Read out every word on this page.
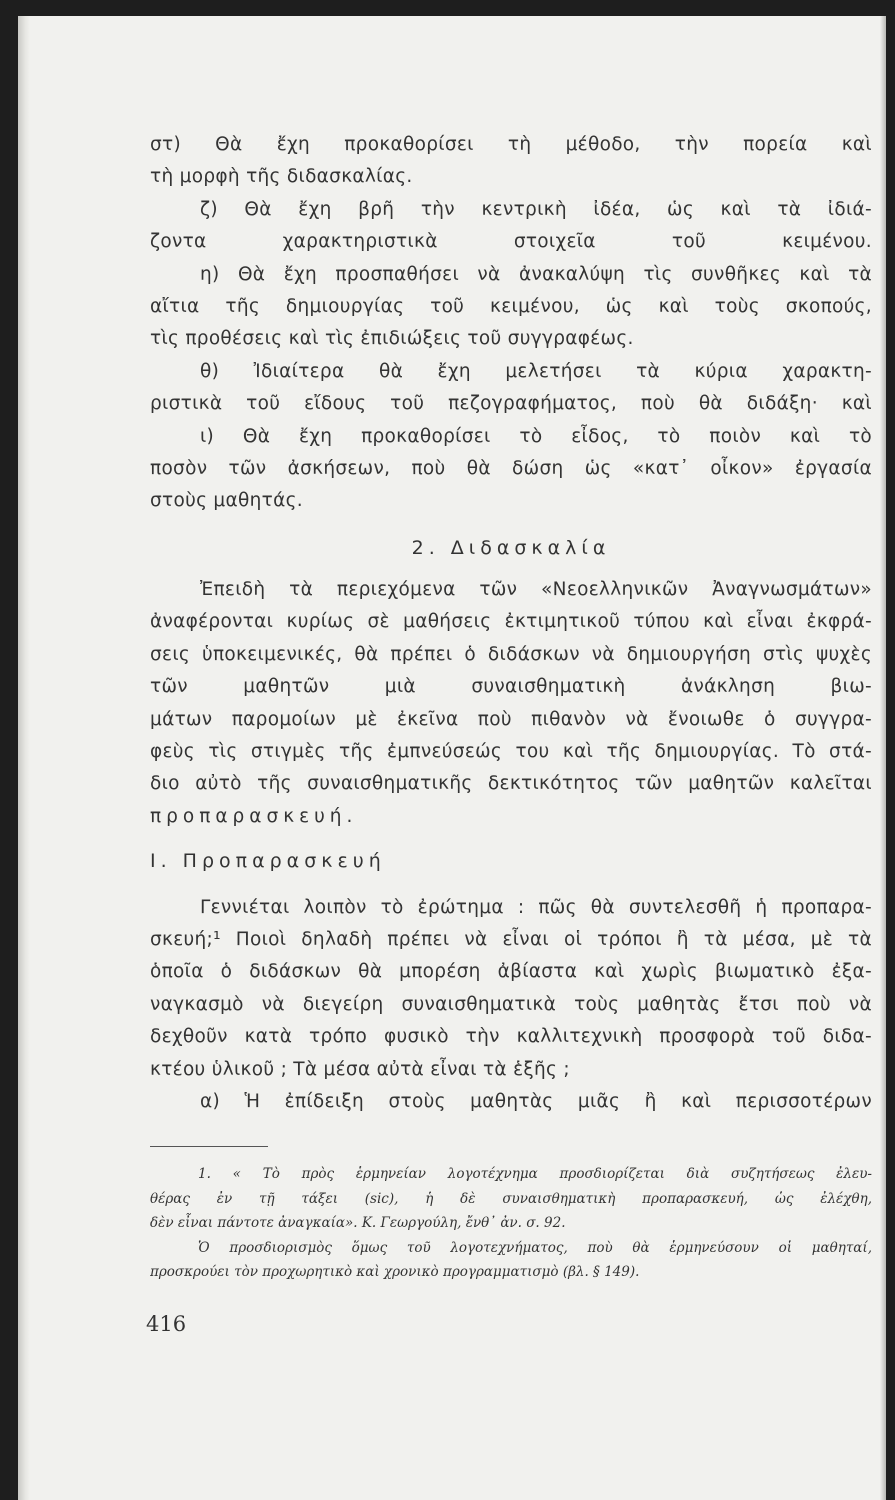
στ) Θὰ ἔχη προκαθορίσει τὴ μέθοδο, τὴν πορεία καὶ
τὴ μορφὴ τῆς διδασκαλίας.
ζ) Θὰ ἔχη βρῆ τὴν κεντρικὴ ἰδέα, ὡς καὶ τὰ ἰδιά-
ζοντα χαρακτηριστικὰ στοιχεῖα τοῦ κειμένου.
η) Θὰ ἔχη προσπαθήσει νὰ ἀνακαλύψη τὶς συνθῆκες καὶ τὰ
αἴτια τῆς δημιουργίας τοῦ κειμένου, ὡς καὶ τοὺς σκοπούς,
τὶς προθέσεις καὶ τὶς ἐπιδιώξεις τοῦ συγγραφέως.
θ) Ἰδιαίτερα θὰ ἔχη μελετήσει τὰ κύρια χαρακτη-
ριστικὰ τοῦ εἴδους τοῦ πεζογραφήματος, ποὺ θὰ διδάξη· καὶ
ι) Θὰ ἔχη προκαθορίσει τὸ εἶδος, τὸ ποιὸν καὶ τὸ
ποσὸν τῶν ἀσκήσεων, ποὺ θὰ δώση ὡς «κατ᾽ οἶκον» ἐργασία
στοὺς μαθητάς.
2. Διδασκαλία
Ἐπειδὴ τὰ περιεχόμενα τῶν «Νεοελληνικῶν Ἀναγνωσμάτων»
ἀναφέρονται κυρίως σὲ μαθήσεις ἐκτιμητικοῦ τύπου καὶ εἶναι ἐκφρά-
σεις ὑποκειμενικές, θὰ πρέπει ὁ διδάσκων νὰ δημιουργήση στὶς ψυχὲς
τῶν μαθητῶν μιὰ συναισθηματικὴ ἀνάκληση βιω-
μάτων παρομοίων μὲ ἐκεῖνα ποὺ πιθανὸν νὰ ἔνοιωθε ὁ συγγρα-
φεὺς τὶς στιγμὲς τῆς ἐμπνεύσεώς του καὶ τῆς δημιουργίας. Τὸ στά-
διο αὐτὸ τῆς συναισθηματικῆς δεκτικότητος τῶν μαθητῶν καλεῖται
προπαρασκευή.
I. Προπαρασκευή
Γεννιέται λοιπὸν τὸ ἐρώτημα : πῶς θὰ συντελεσθῆ ἡ προπαρα-
σκευή;¹ Ποιοὶ δηλαδὴ πρέπει νὰ εἶναι οἱ τρόποι ἢ τὰ μέσα, μὲ τὰ
ὁποῖα ὁ διδάσκων θὰ μπορέση ἀβίαστα καὶ χωρὶς βιωματικὸ ἐξα-
ναγκασμὸ νὰ διεγείρη συναισθηματικὰ τοὺς μαθητὰς ἔτσι ποὺ νὰ
δεχθοῦν κατὰ τρόπο φυσικὸ τὴν καλλιτεχνικὴ προσφορὰ τοῦ διδα-
κτέου ὑλικοῦ ; Τὰ μέσα αὐτὰ εἶναι τὰ ἑξῆς ;
α) Ἡ ἐπίδειξη στοὺς μαθητὰς μιᾶς ἢ καὶ περισσοτέρων
1. « Τὸ πρὸς ἑρμηνείαν λογοτέχνημα προσδιορίζεται διὰ συζητήσεως ἐλευ-
θέρας ἐν τῇ τάξει (sic), ἡ δὲ συναισθηματικὴ προπαρασκευή, ὡς ἐλέχθη,
δὲν εἶναι πάντοτε ἀναγκαία». Κ. Γεωργούλη, ἔνθ᾽ ἀν. σ. 92.
Ὁ προσδιορισμὸς ὅμως τοῦ λογοτεχνήματος, ποὺ θὰ ἑρμηνεύσουν οἱ μαθηταί,
προσκρούει τὸν προχωρητικὸ καὶ χρονικὸ προγραμματισμὸ (βλ. § 149).
416
